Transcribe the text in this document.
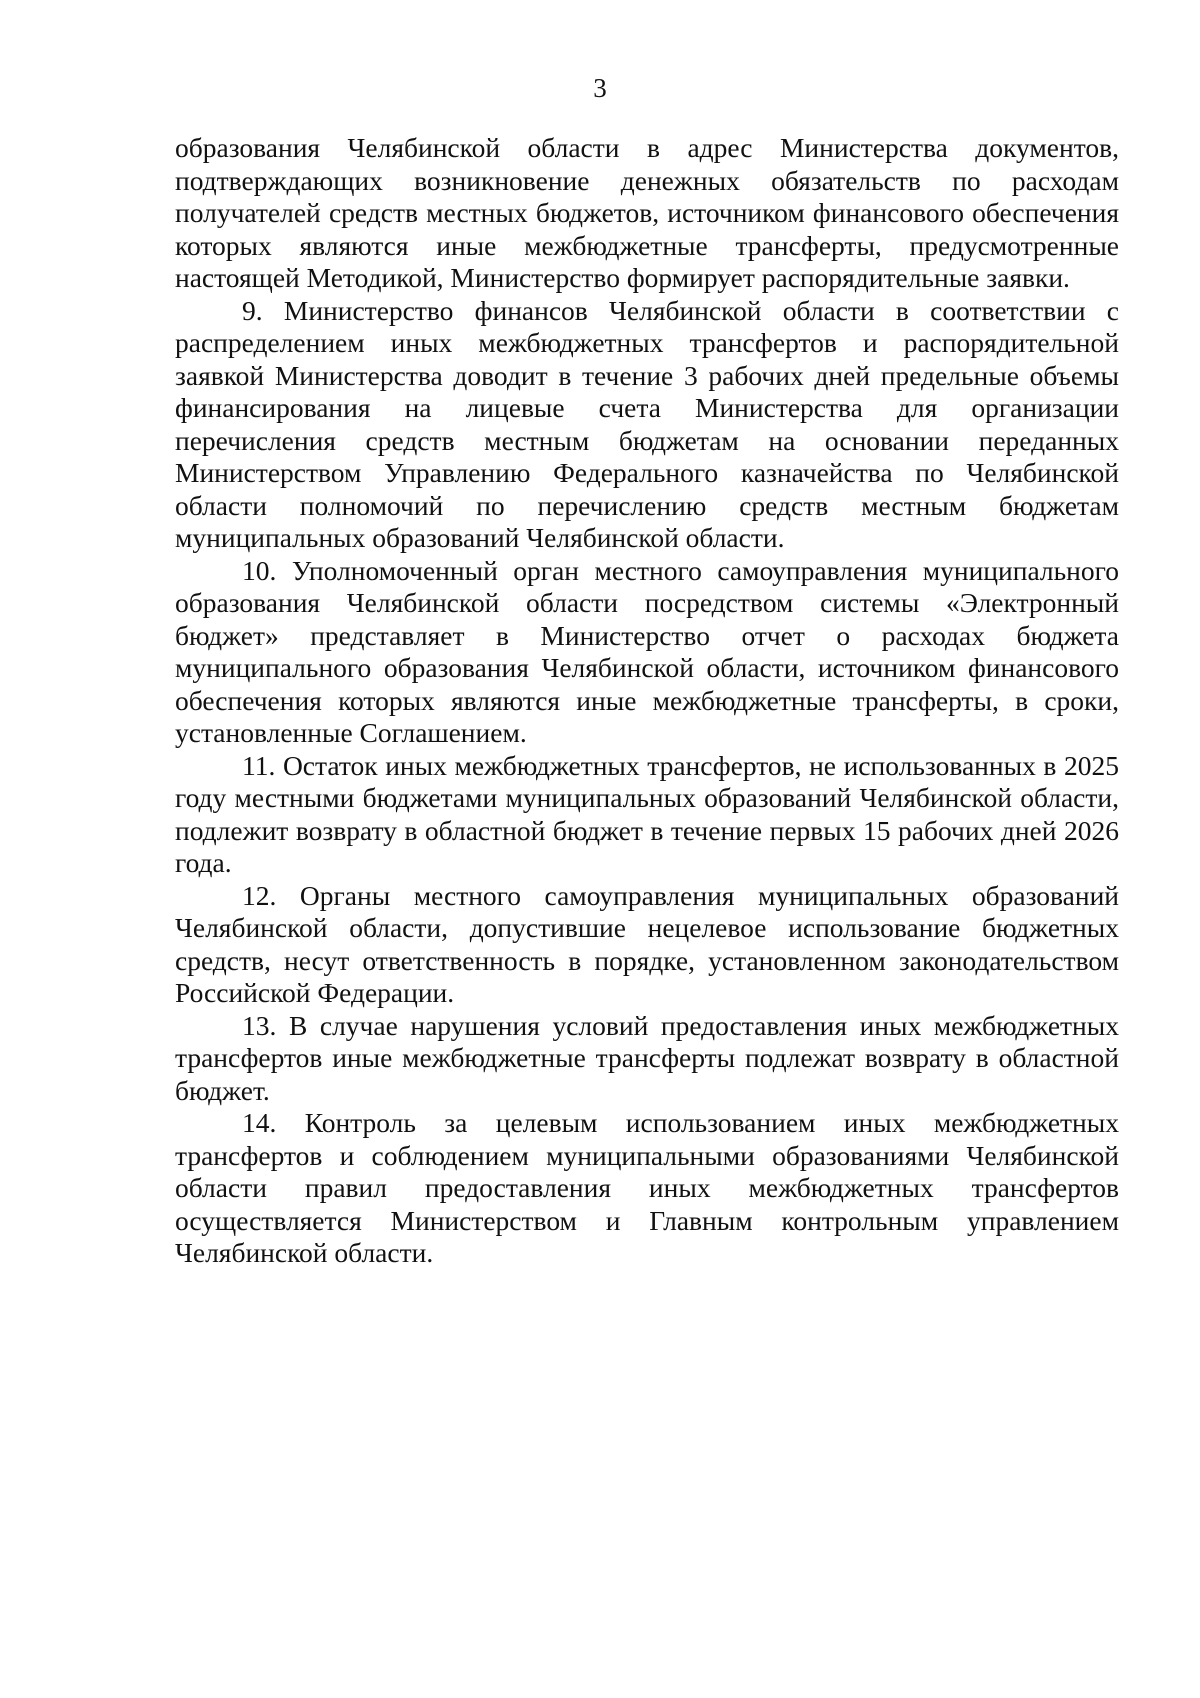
3

образования Челябинской области в адрес Министерства документов, подтверждающих возникновение денежных обязательств по расходам получателей средств местных бюджетов, источником финансового обеспечения которых являются иные межбюджетные трансферты, предусмотренные настоящей Методикой, Министерство формирует распорядительные заявки.

9. Министерство финансов Челябинской области в соответствии с распределением иных межбюджетных трансфертов и распорядительной заявкой Министерства доводит в течение 3 рабочих дней предельные объемы финансирования на лицевые счета Министерства для организации перечисления средств местным бюджетам на основании переданных Министерством Управлению Федерального казначейства по Челябинской области полномочий по перечислению средств местным бюджетам муниципальных образований Челябинской области.

10. Уполномоченный орган местного самоуправления муниципального образования Челябинской области посредством системы «Электронный бюджет» представляет в Министерство отчет о расходах бюджета муниципального образования Челябинской области, источником финансового обеспечения которых являются иные межбюджетные трансферты, в сроки, установленные Соглашением.

11. Остаток иных межбюджетных трансфертов, не использованных в 2025 году местными бюджетами муниципальных образований Челябинской области, подлежит возврату в областной бюджет в течение первых 15 рабочих дней 2026 года.

12. Органы местного самоуправления муниципальных образований Челябинской области, допустившие нецелевое использование бюджетных средств, несут ответственность в порядке, установленном законодательством Российской Федерации.

13. В случае нарушения условий предоставления иных межбюджетных трансфертов иные межбюджетные трансферты подлежат возврату в областной бюджет.

14. Контроль за целевым использованием иных межбюджетных трансфертов и соблюдением муниципальными образованиями Челябинской области правил предоставления иных межбюджетных трансфертов осуществляется Министерством и Главным контрольным управлением Челябинской области.
